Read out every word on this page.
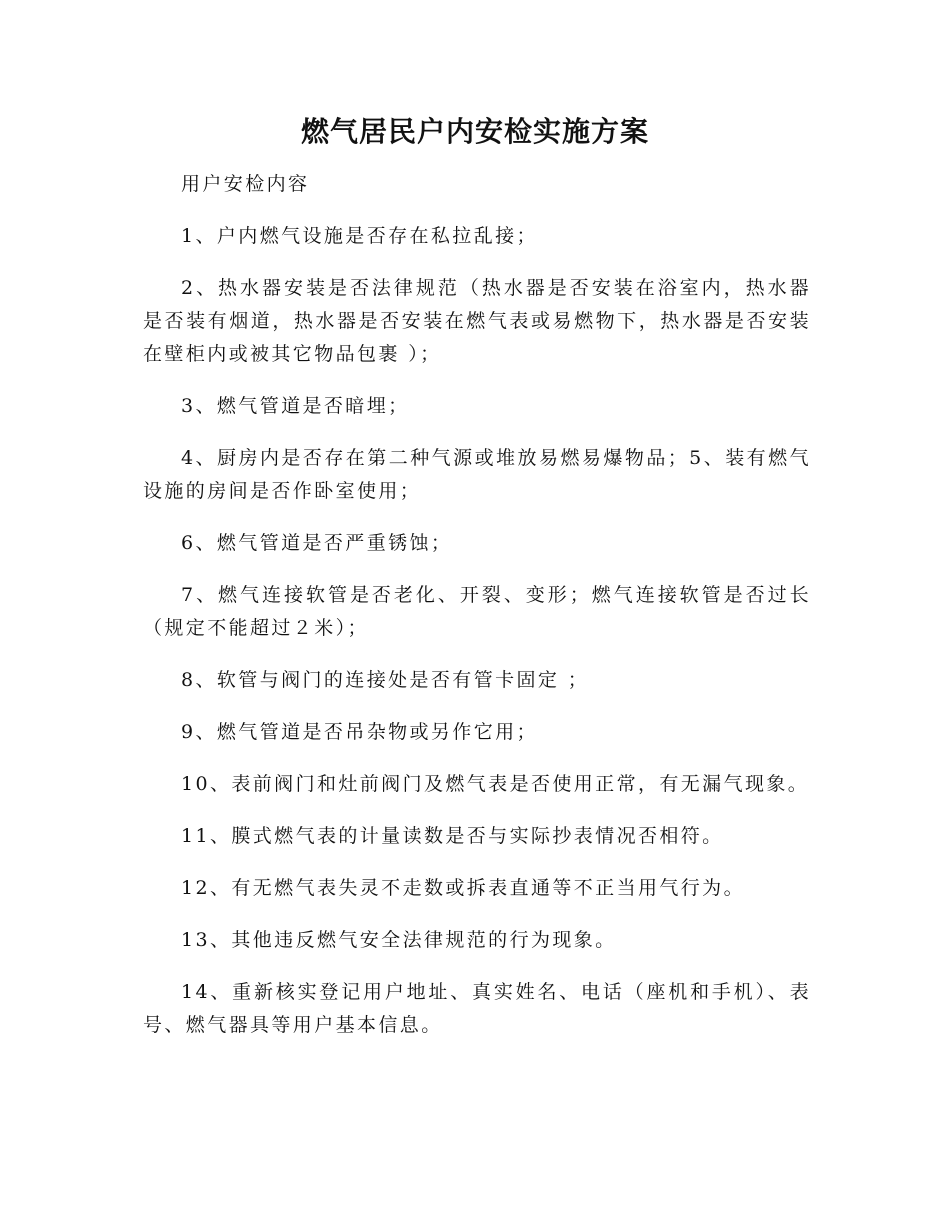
燃气居民户内安检实施方案

用户安检内容

1、户内燃气设施是否存在私拉乱接；

2、热水器安装是否法律规范（热水器是否安装在浴室内，热水器是否装有烟道，热水器是否安装在燃气表或易燃物下，热水器是否安装在壁柜内或被其它物品包裹 ）；

3、燃气管道是否暗埋；

4、厨房内是否存在第二种气源或堆放易燃易爆物品；5、装有燃气设施的房间是否作卧室使用；

6、燃气管道是否严重锈蚀；

7、燃气连接软管是否老化、开裂、变形；燃气连接软管是否过长（规定不能超过２米）；

8、软管与阀门的连接处是否有管卡固定 ；

9、燃气管道是否吊杂物或另作它用；

10、表前阀门和灶前阀门及燃气表是否使用正常，有无漏气现象。

11、膜式燃气表的计量读数是否与实际抄表情况否相符。

12、有无燃气表失灵不走数或拆表直通等不正当用气行为。

13、其他违反燃气安全法律规范的行为现象。

14、重新核实登记用户地址、真实姓名、电话（座机和手机）、表号、燃气器具等用户基本信息。
